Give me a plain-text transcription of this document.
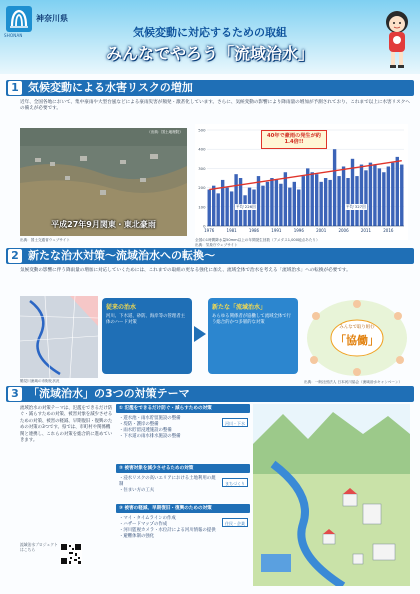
SHONAN
神奈川県
気候変動に対応するための取組
みんなでやろう「流域治水」
1 気候変動による水害リスクの増加
近年、全国各地において、集中豪雨や大型台風などによる豪雨災害が頻発・激甚化しています。さらに、気候変動の影響により降雨量の増加が予測されており、これまで以上に水害リスクへの備えが必要です。
（出典：国土地理院）
平成27年9月関東・東北豪雨
出典：国土交通省ウェブサイト
0
100
200
300
400
500
1976	1981	1986	1991	1996	2001	2006	2011	2016
40年で豪雨の発生が約1.4倍!!
平均 226回	平均 327回
全国の1時間降水量50mm以上の年間発生回数（アメダス1,000地点あたり）
出典：気象庁ウェブサイト
2 新たな治水対策〜流域治水への転換〜
気候変動の影響に伴う降雨量の増加に対応していくためには、これまでの取組の更なる強化に加え、流域全体で治水を考える「流域治水」への転換が必要です。
鶴見川流域の市街化状況
従来の治水
河川、下水道、砂防、海岸等の管理者主体のハード対策
新たな「流域治水」
あらゆる関係者が協働して流域全体で行う総合的かつ多層的な対策
みんなで取り組む
「協働」
出典：一般社団法人 日本河川協会（流域治水キャンペーン）
3 「流域治水」の3つの対策テーマ
流域治水の対策テーマは、氾濫をできるだけ防ぐ・減らすための対策、被害対象を減少させるための対策、被害の軽減、早期復旧・復興のための対策の3つです。県では、市町村や関係機関と連携し、これらの対策を総合的に進めていきます。
流域治水プロジェクトはこちら
① 氾濫をできるだけ防ぐ・減らすための対策
・遊水池・雨水貯留施設の整備
・堤防・護岸の整備
・雨水貯留浸透施設の整備
・下水道の雨水排水施設の整備
河川・下水
② 被害対象を減少させるための対策
・浸水リスクの高いエリアにおける土地利用の規制
・住まい方の工夫
まちづくり
③ 被害の軽減、早期復旧・復興のための対策
・マイ・タイムラインの作成
・ハザードマップの作成
・河川監視カメラ・水位計による河川情報の提供
・避難体制の強化
住民・企業
